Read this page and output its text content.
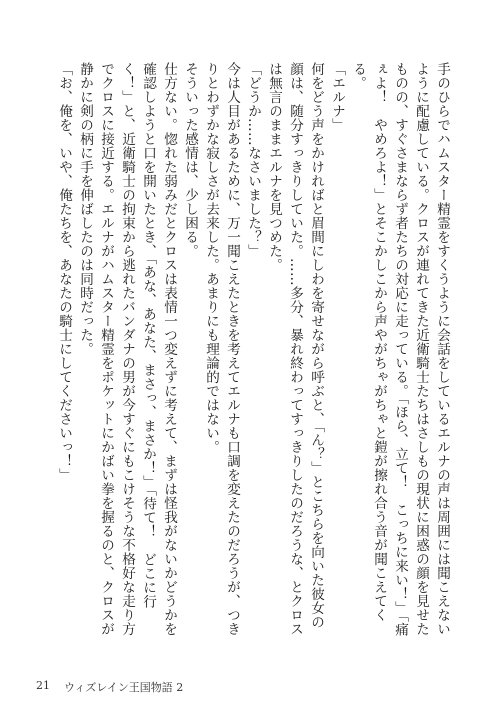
手のひらでハムスター精霊をすくうように会話をしているエルナの声は周囲には聞こえないように配慮している。クロスが連れてきた近衛騎士たちはさしもの現状に困惑の顔を見せたものの、すぐさまならず者たちの対応に走っている。「ほら、立て！　こっちに来い！」「痛ぇよ！　やめろよ！」とそこかしこから声やがちゃがちゃと鎧が擦れ合う音が聞こえてくる。

「エルナ」

何をどう声をかければと眉間にしわを寄せながら呼ぶと、「ん？」とこちらを向いた彼女の顔は、随分すっきりしていた。……多分、暴れ終わってすっきりしたのだろうな、とクロスは無言のままエルナを見つめた。

「どうか……なさいました？」

今は人目があるために、万一聞こえたときを考えてエルナも口調を変えたのだろうが、つきりとわずかな寂しさが去来した。あまりにも理論的ではない。

そういった感情は、少し困る。

仕方ない。惚れた弱みだとクロスは表情一つ変えずに考えて、まずは怪我がないかどうかを確認しようと口を開いたとき、「あな、あなた、まさっ、まさか！」「待て！　どこに行く！」と、近衛騎士の拘束から逃れたバンダナの男が今すぐにもこけそうな不格好な走り方でクロスに接近する。エルナがハムスター精霊をポケットにかばい拳を握るのと、クロスが静かに剣の柄に手を伸ばしたのは同時だった。

「お、俺を、いや、俺たちを、あなたの騎士にしてくださいっ！」

21 ウィズレイン王国物語 2
